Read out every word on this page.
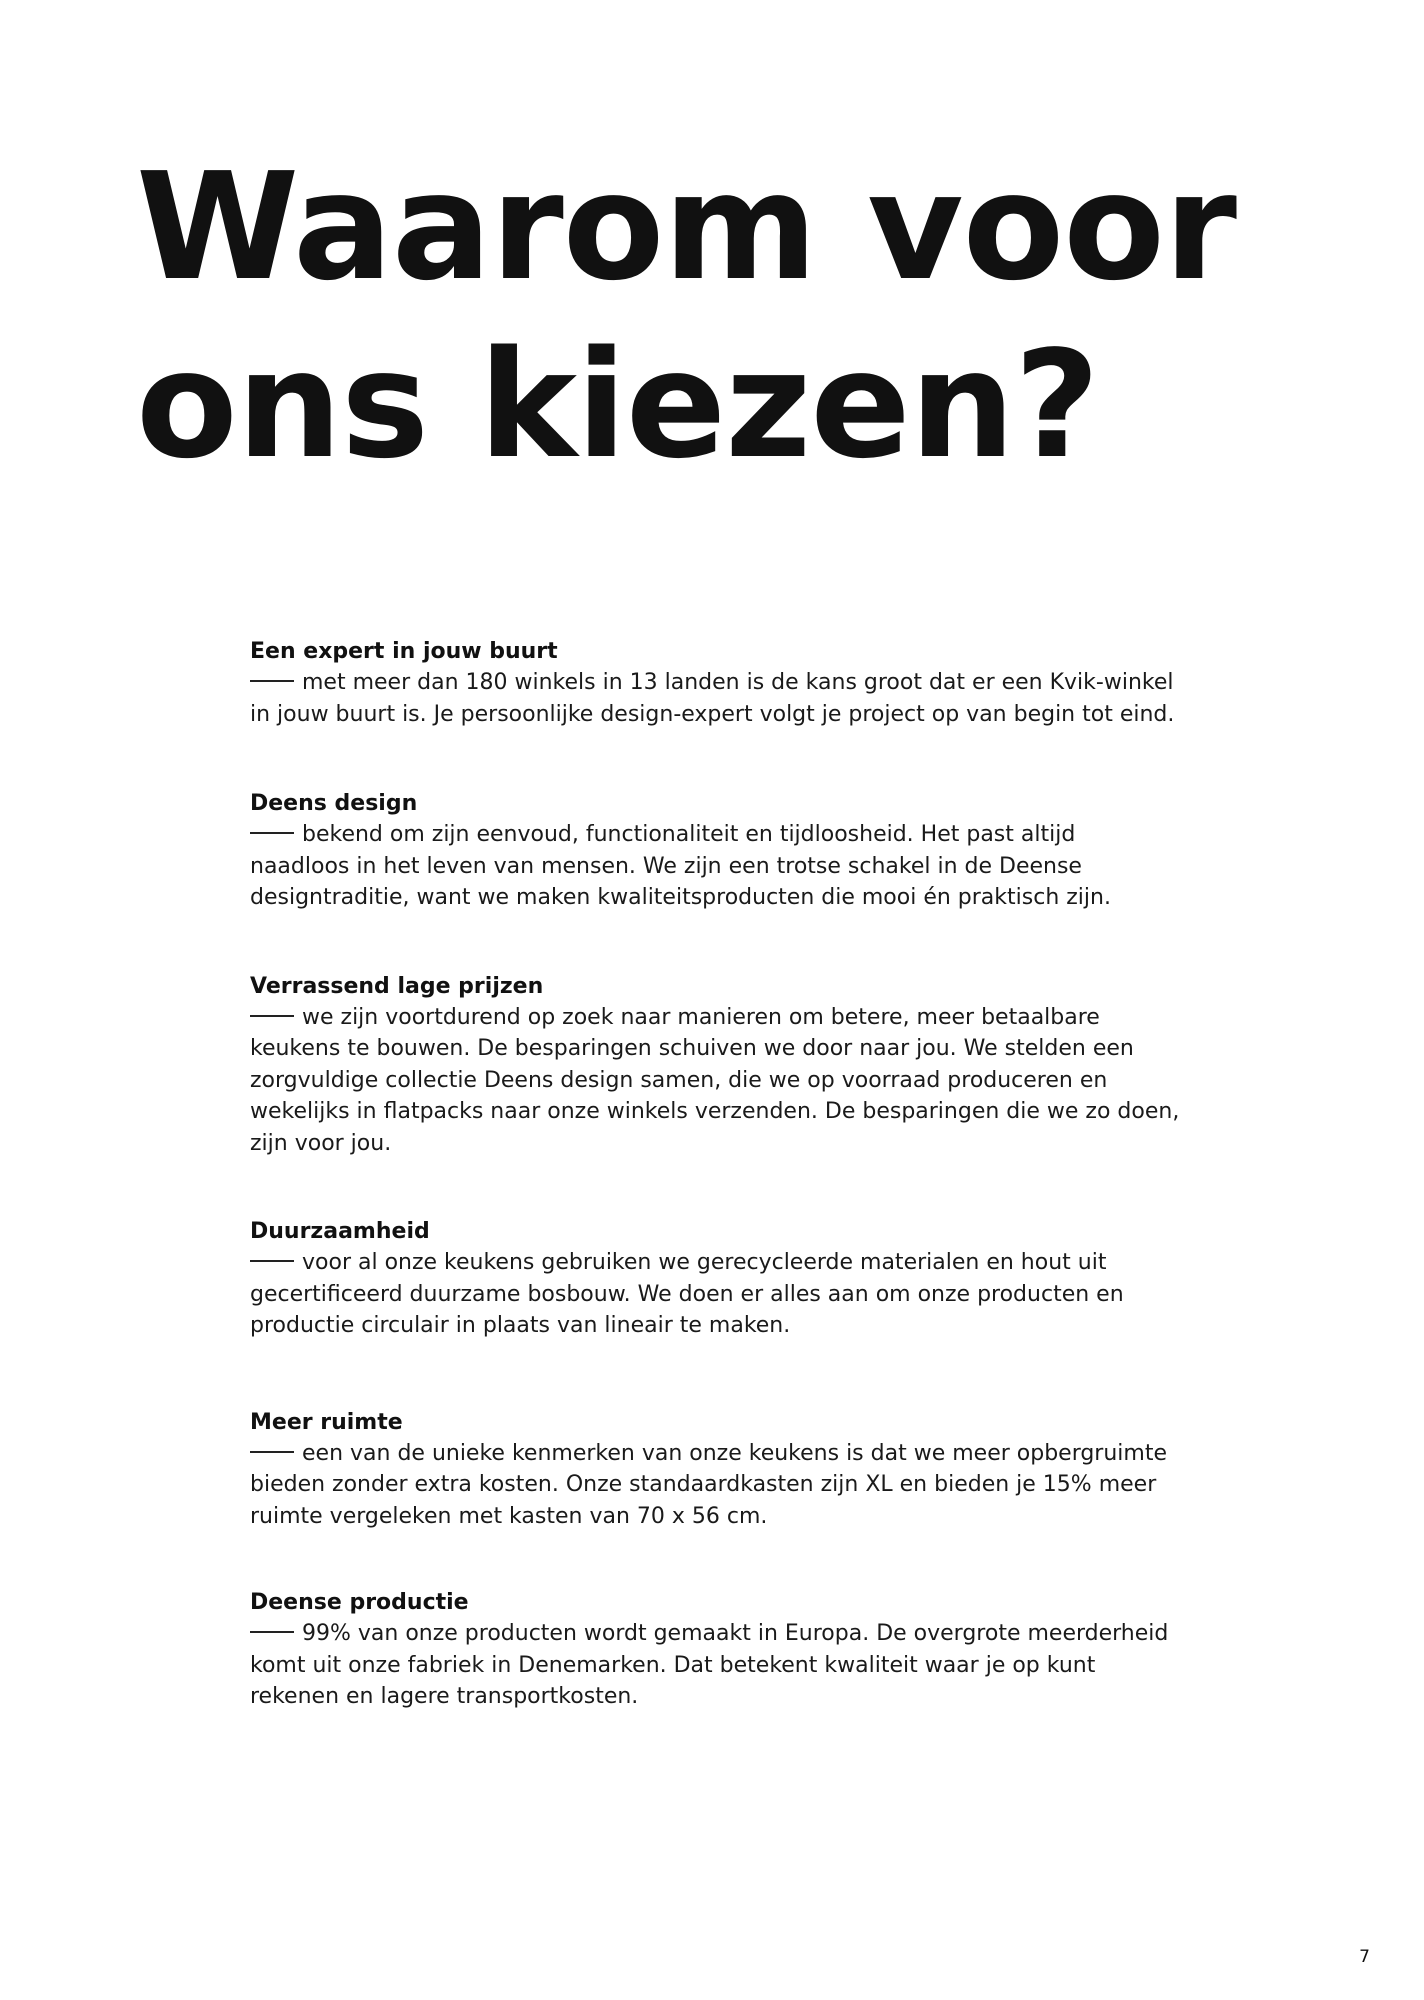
Waarom voor
ons kiezen?
Een expert in jouw buurt

met meer dan 180 winkels in 13 landen is de kans groot dat er een Kvik-winkel in jouw buurt is. Je persoonlijke design-expert volgt je project op van begin tot eind.

Deens design

bekend om zijn eenvoud, functionaliteit en tijdloosheid. Het past altijd naadloos in het leven van mensen. We zijn een trotse schakel in de Deense designtraditie, want we maken kwaliteitsproducten die mooi én praktisch zijn.

Verrassend lage prijzen

we zijn voortdurend op zoek naar manieren om betere, meer betaalbare keukens te bouwen. De besparingen schuiven we door naar jou. We stelden een zorgvuldige collectie Deens design samen, die we op voorraad produceren en wekelijks in flatpacks naar onze winkels verzenden. De besparingen die we zo doen, zijn voor jou.

Duurzaamheid

voor al onze keukens gebruiken we gerecycleerde materialen en hout uit gecertificeerd duurzame bosbouw. We doen er alles aan om onze producten en productie circulair in plaats van lineair te maken.

Meer ruimte

een van de unieke kenmerken van onze keukens is dat we meer opbergruimte bieden zonder extra kosten. Onze standaardkasten zijn XL en bieden je 15% meer ruimte vergeleken met kasten van 70 x 56 cm.

Deense productie

99% van onze producten wordt gemaakt in Europa. De overgrote meerderheid komt uit onze fabriek in Denemarken. Dat betekent kwaliteit waar je op kunt rekenen en lagere transportkosten.

7
